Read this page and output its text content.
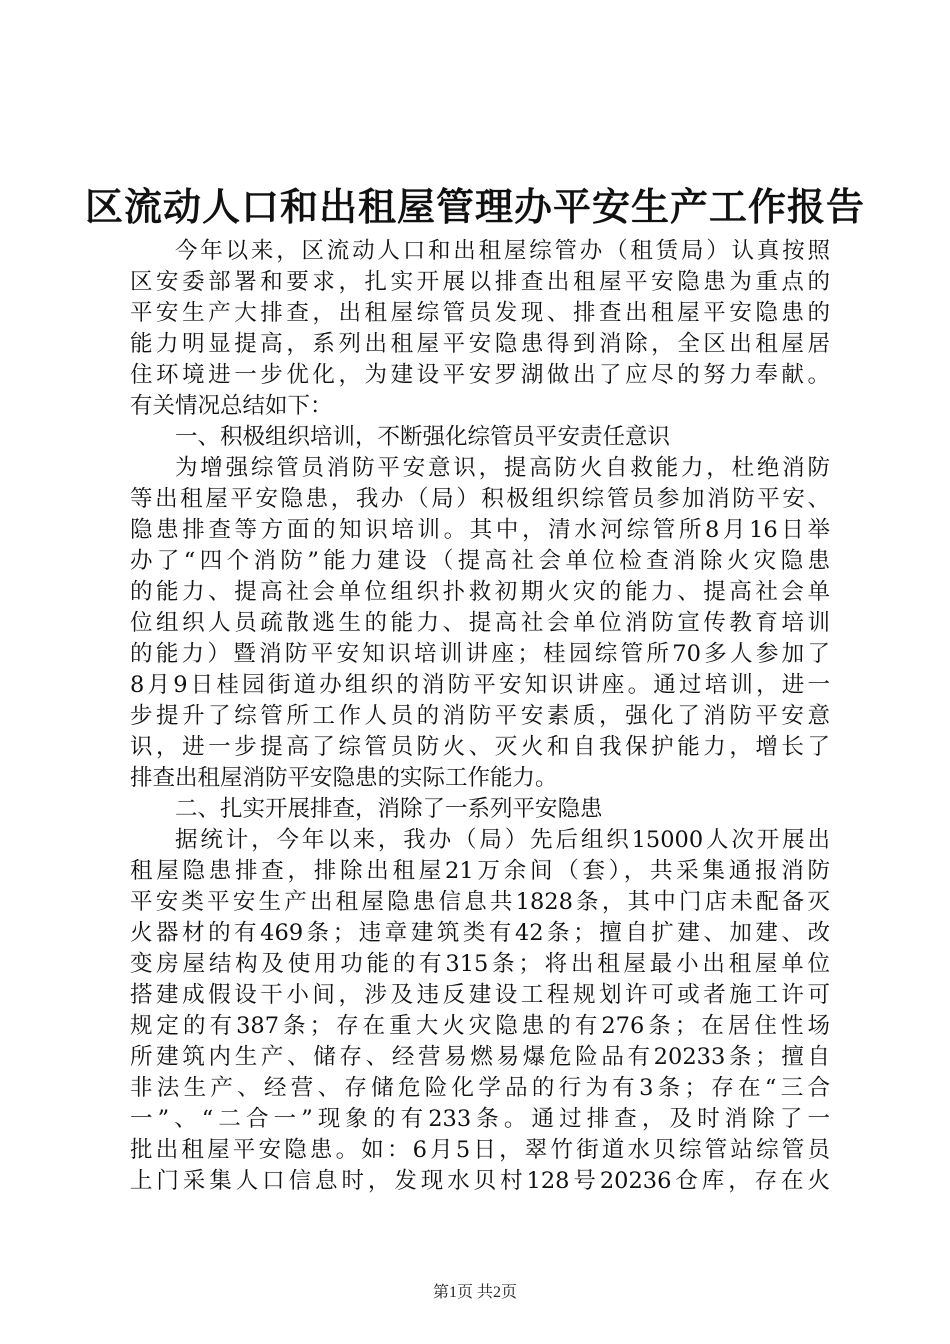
区流动人口和出租屋管理办平安生产工作报告
今年以来，区流动人口和出租屋综管办（租赁局）认真按照
区安委部署和要求，扎实开展以排查出租屋平安隐患为重点的
平安生产大排查，出租屋综管员发现、排查出租屋平安隐患的
能力明显提高，系列出租屋平安隐患得到消除，全区出租屋居
住环境进一步优化，为建设平安罗湖做出了应尽的努力奉献。
有关情况总结如下：
一、积极组织培训，不断强化综管员平安责任意识
为增强综管员消防平安意识，提高防火自救能力，杜绝消防
等出租屋平安隐患，我办（局）积极组织综管员参加消防平安、
隐患排查等方面的知识培训。其中，清水河综管所8月16日举
办了“四个消防”能力建设（提高社会单位检查消除火灾隐患
的能力、提高社会单位组织扑救初期火灾的能力、提高社会单
位组织人员疏散逃生的能力、提高社会单位消防宣传教育培训
的能力）暨消防平安知识培训讲座；桂园综管所70多人参加了
8月9日桂园街道办组织的消防平安知识讲座。通过培训，进一
步提升了综管所工作人员的消防平安素质，强化了消防平安意
识，进一步提高了综管员防火、灭火和自我保护能力，增长了
排查出租屋消防平安隐患的实际工作能力。
二、扎实开展排查，消除了一系列平安隐患
据统计，今年以来，我办（局）先后组织15000人次开展出
租屋隐患排查，排除出租屋21万余间（套），共采集通报消防
平安类平安生产出租屋隐患信息共1828条，其中门店未配备灭
火器材的有469条；违章建筑类有42条；擅自扩建、加建、改
变房屋结构及使用功能的有315条；将出租屋最小出租屋单位
搭建成假设干小间，涉及违反建设工程规划许可或者施工许可
规定的有387条；存在重大火灾隐患的有276条；在居住性场
所建筑内生产、储存、经营易燃易爆危险品有20233条；擅自
非法生产、经营、存储危险化学品的行为有3条；存在“三合
一”、“二合一”现象的有233条。通过排查，及时消除了一
批出租屋平安隐患。如：6月5日，翠竹街道水贝综管站综管员
上门采集人口信息时，发现水贝村128号20236仓库，存在火
第1页 共2页
